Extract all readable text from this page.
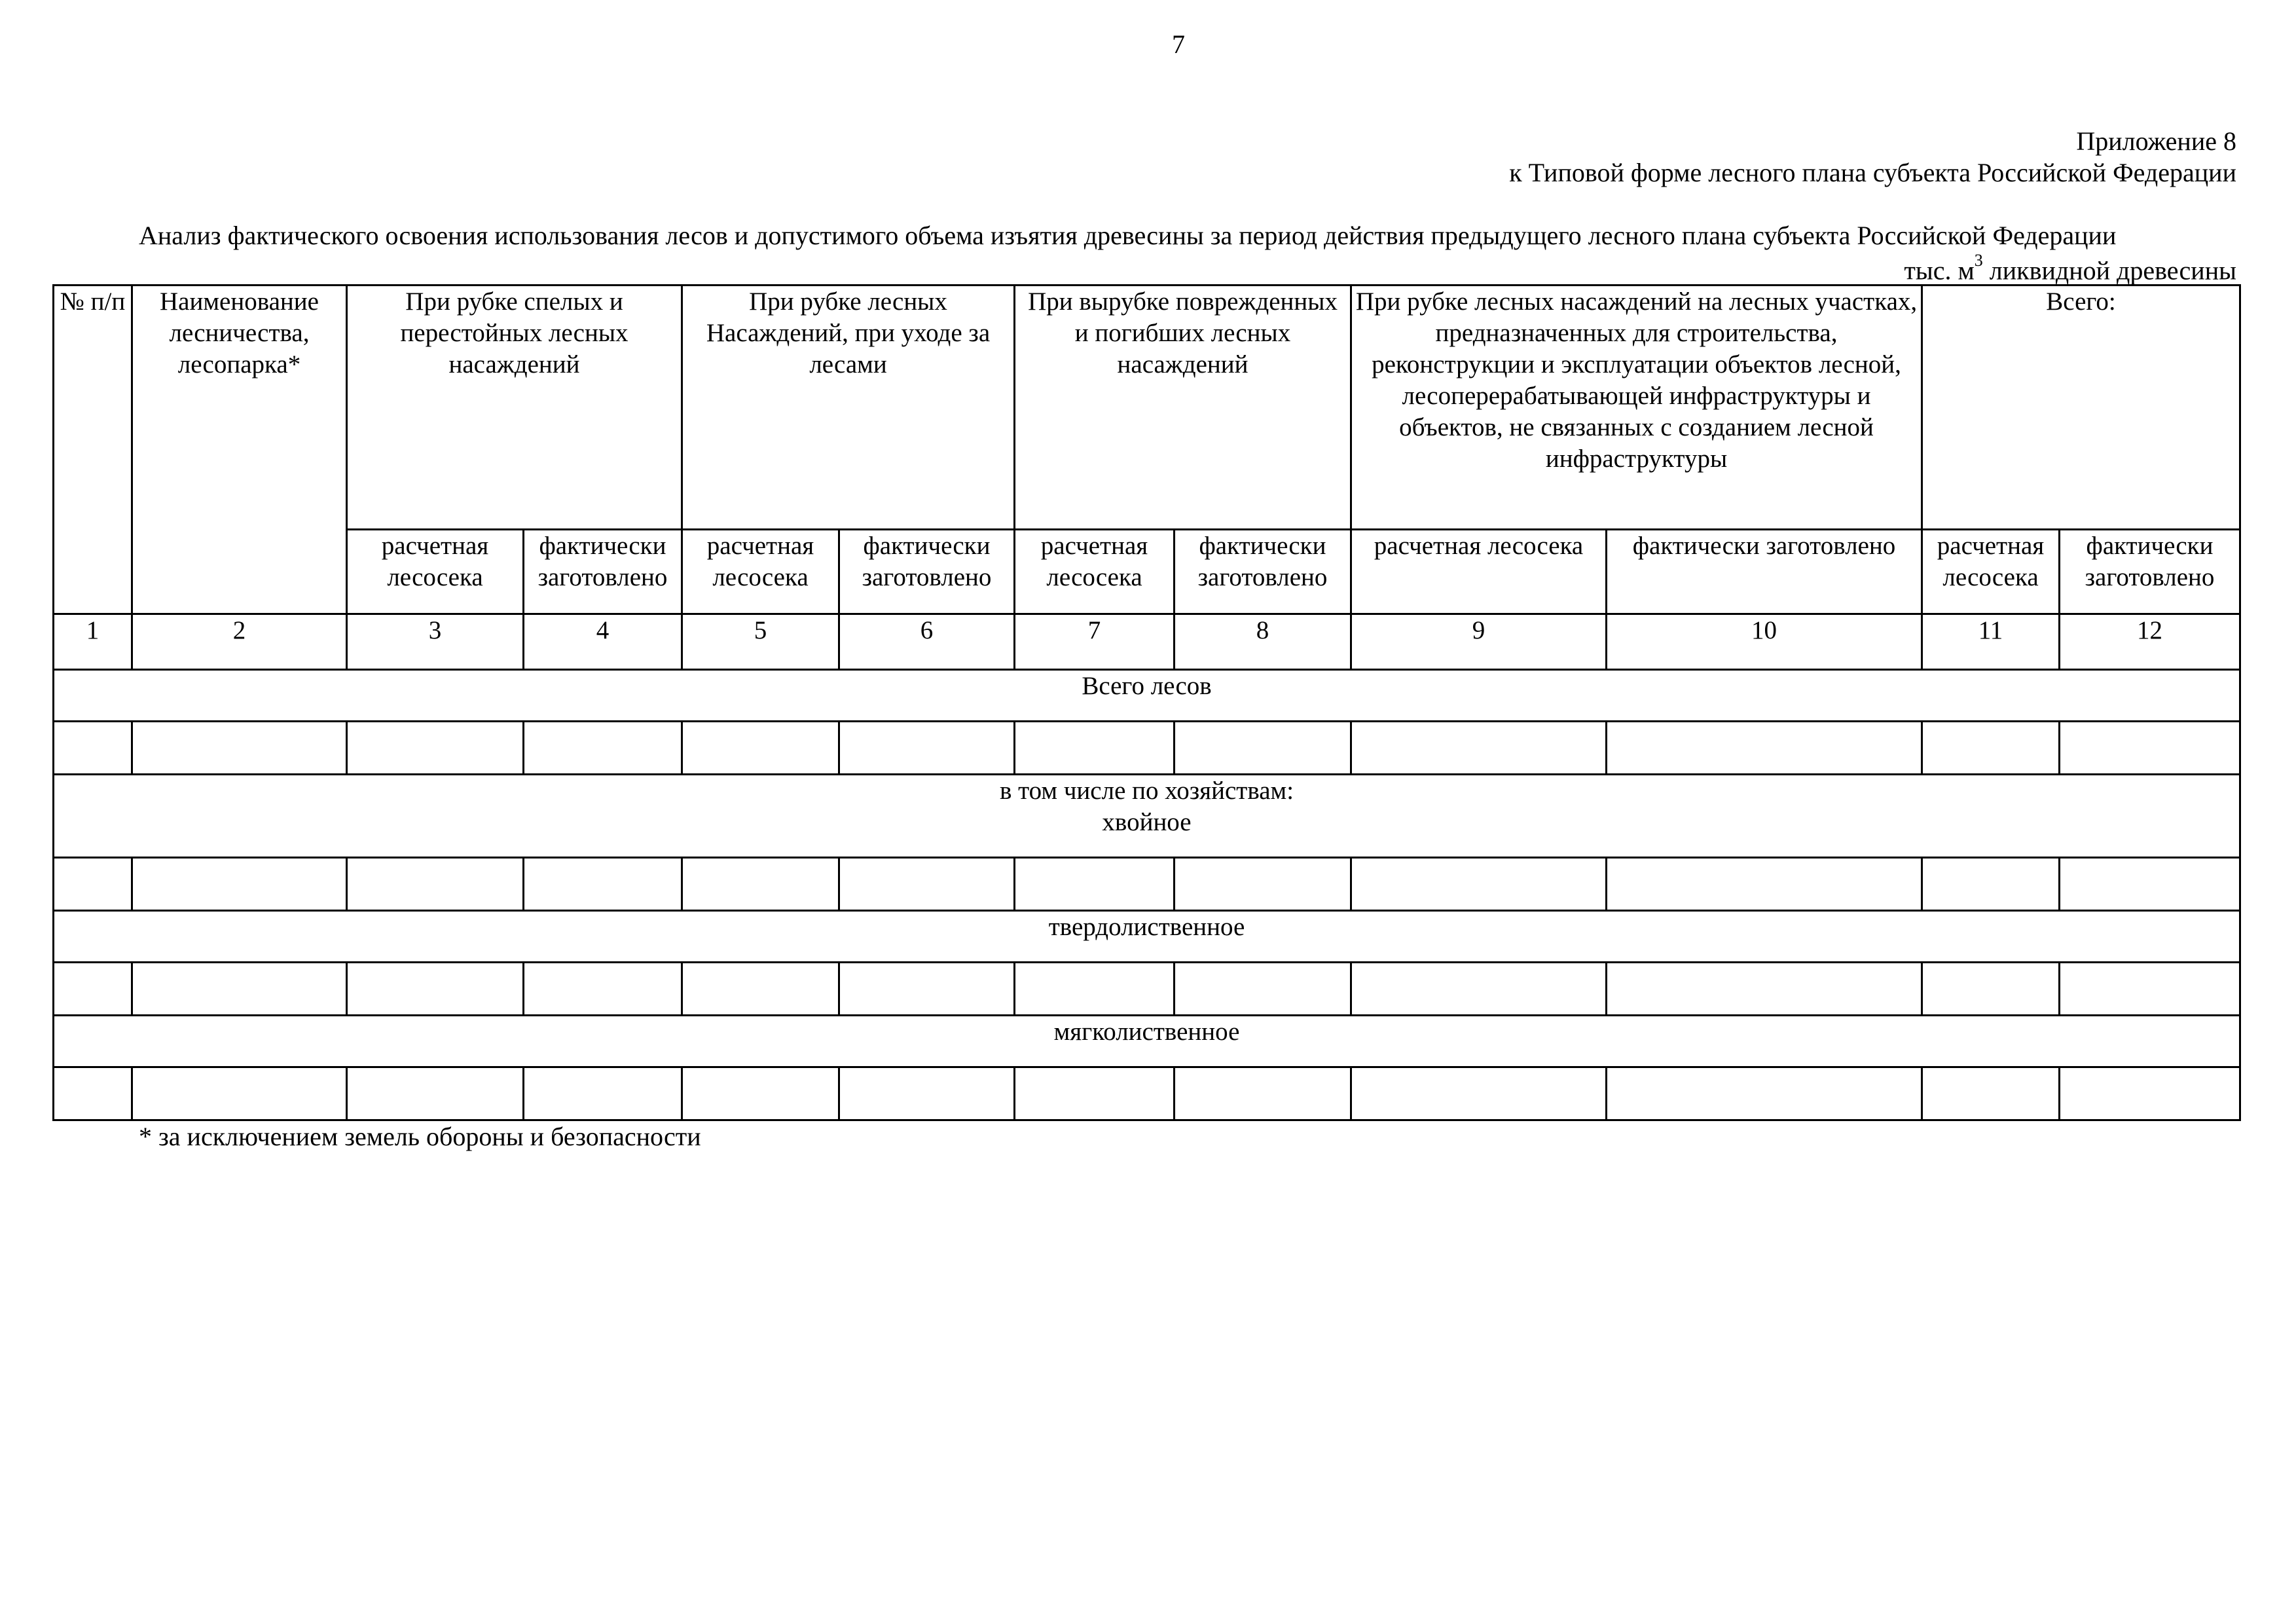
7
Приложение 8
к Типовой форме лесного плана субъекта Российской Федерации
Анализ фактического освоения использования лесов и допустимого объема изъятия древесины за период действия предыдущего лесного плана субъекта Российской Федерации
тыс. $м^3$ ликвидной древесины
№ п/п	Наименование лесничества, лесопарка*	При рубке спелых и перестойных лесных насаждений		При рубке лесных Насаждений, при уходе за лесами		При вырубке поврежденных и погибших лесных насаждений		При рубке лесных насаждений на лесных участках, предназначенных для строительства, реконструкции и эксплуатации объектов лесной, лесоперерабатывающей инфраструктуры и объектов, не связанных с созданием лесной инфраструктуры		Всего:	
		расчетная лесосека	фактически заготовлено	расчетная лесосека	фактически заготовлено	расчетная лесосека	фактически заготовлено	расчетная лесосека	фактически заготовлено	расчетная лесосека	фактически заготовлено
1	2	3	4	5	6	7	8	9	10	11	12
Всего лесов											

в том числе по хозяйствам:
хвойное											

твердолиственное											

мягколиственное											

* за исключением земель обороны и безопасности
